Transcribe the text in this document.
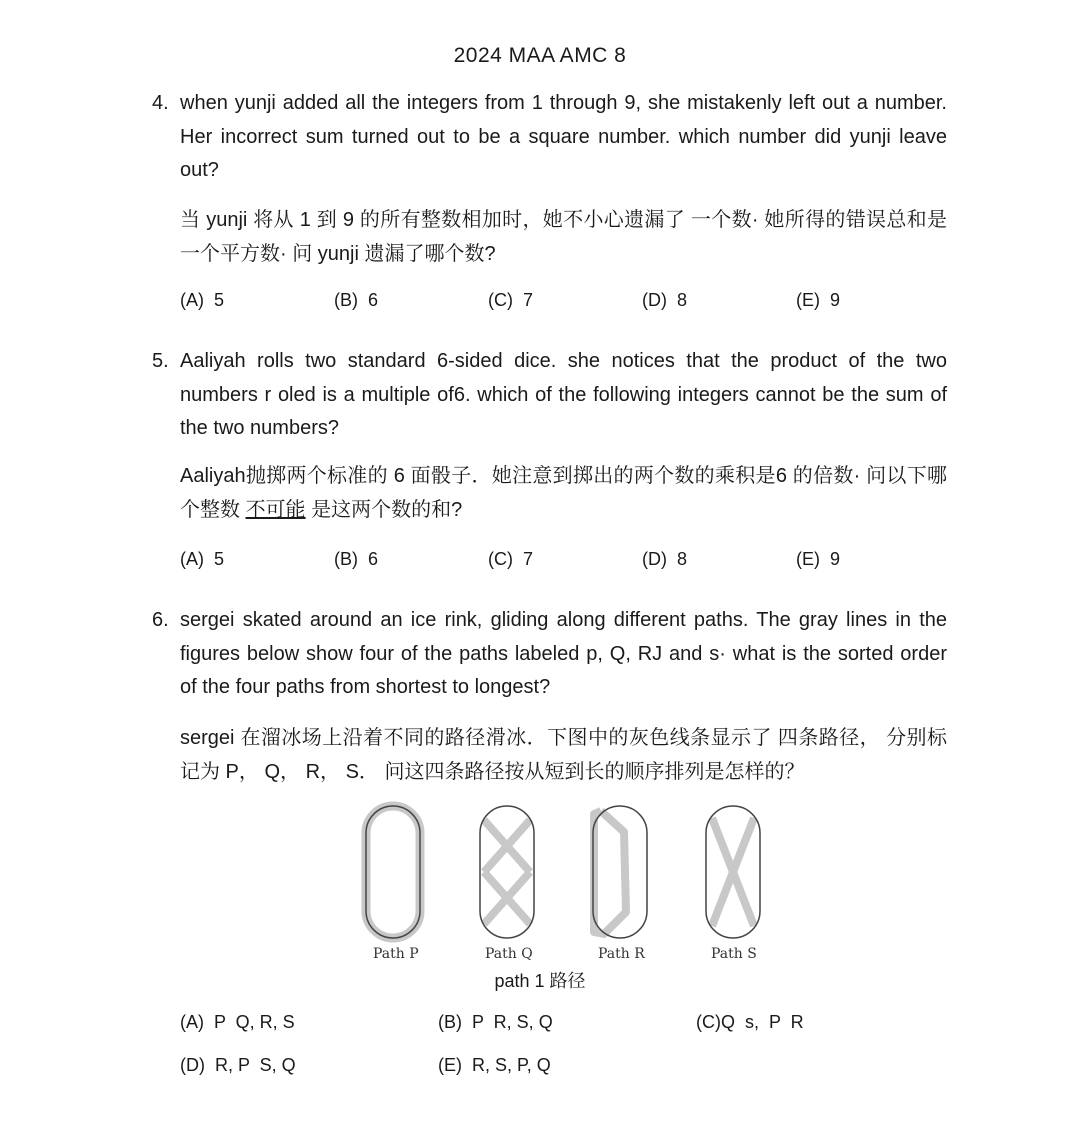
2024 MAA AMC 8
4. when yunji added all the integers from 1 through 9, she mistakenly left out a number. Her incorrect sum turned out to be a square number. which number did yunji leave out?
当 yunji 将从 1 到 9 的所有整数相加时，她不小心遗漏了 一个数· 她所得的错误总和是一个平方数· 问 yunji 遗漏了哪个数?
(A)  5	(B)  6	(C)  7	(D)  8	(E)  9
5. Aaliyah rolls two standard 6-sided dice. she notices that the product of the two numbers r oled is a multiple of6. which of the following integers cannot be the sum of the two numbers?
Aaliyah抛掷两个标准的 6 面骰子．她注意到掷出的两个数的乘积是6 的倍数· 问以下哪个整数 不可能 是这两个数的和?
(A)  5	(B)  6	(C)  7	(D)  8	(E)  9
6. sergei skated around an ice rink, gliding along different paths. The gray lines in the figures below show four of the paths labeled p, Q, RJ and s· what is the sorted order of the four paths from shortest to longest?
sergei 在溜冰场上沿着不同的路径滑冰．下图中的灰色线条显示了 四条路径， 分别标记为 P， Q， R， S． 问这四条路径按从短到长的顺序排列是怎样的？
Path P	Path Q	Path R	Path S
path 1 路径
(A)  P  Q, R, S	(B)  P  R, S, Q	(C)Q  s,  P  R
(D)  R, P  S, Q	(E)  R, S, P, Q
